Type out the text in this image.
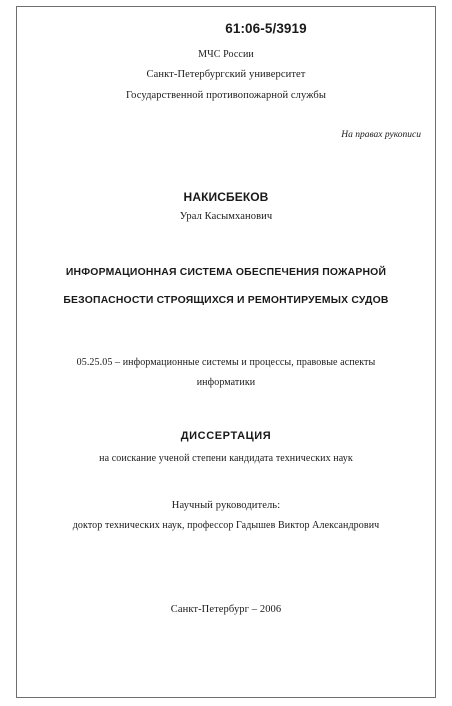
61:06-5/3919
МЧС России
Санкт-Петербургский университет
Государственной противопожарной службы
На правах рукописи
НАКИСБЕКОВ
Урал Касымханович
ИНФОРМАЦИОННАЯ СИСТЕМА ОБЕСПЕЧЕНИЯ ПОЖАРНОЙ
БЕЗОПАСНОСТИ СТРОЯЩИХСЯ И РЕМОНТИРУЕМЫХ СУДОВ
05.25.05 – информационные системы и процессы, правовые аспекты
информатики
ДИССЕРТАЦИЯ
на соискание ученой степени кандидата технических наук
Научный руководитель:
доктор технических наук, профессор Гадышев Виктор Александрович
Санкт-Петербург – 2006
